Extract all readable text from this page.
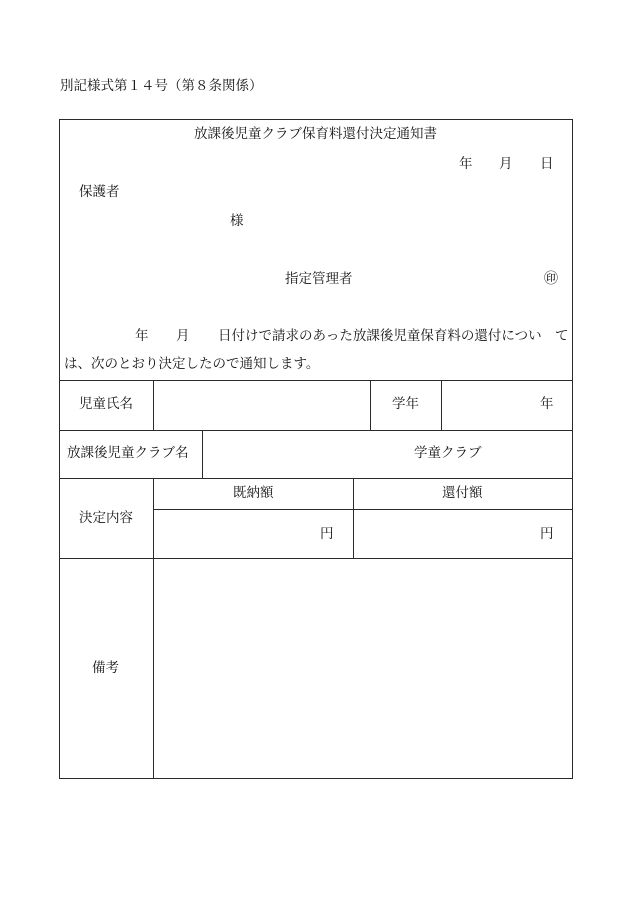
別記様式第１４号（第８条関係）
放課後児童クラブ保育料還付決定通知書
年 月 日
保護者
様
指定管理者	㊞
年 月 日付けで請求のあった放課後児童保育料の還付につい て
は、次のとおり決定したので通知します。
児童氏名	学年	年
放課後児童クラブ名	学童クラブ
決定内容
既納額	還付額
円	円
備考
